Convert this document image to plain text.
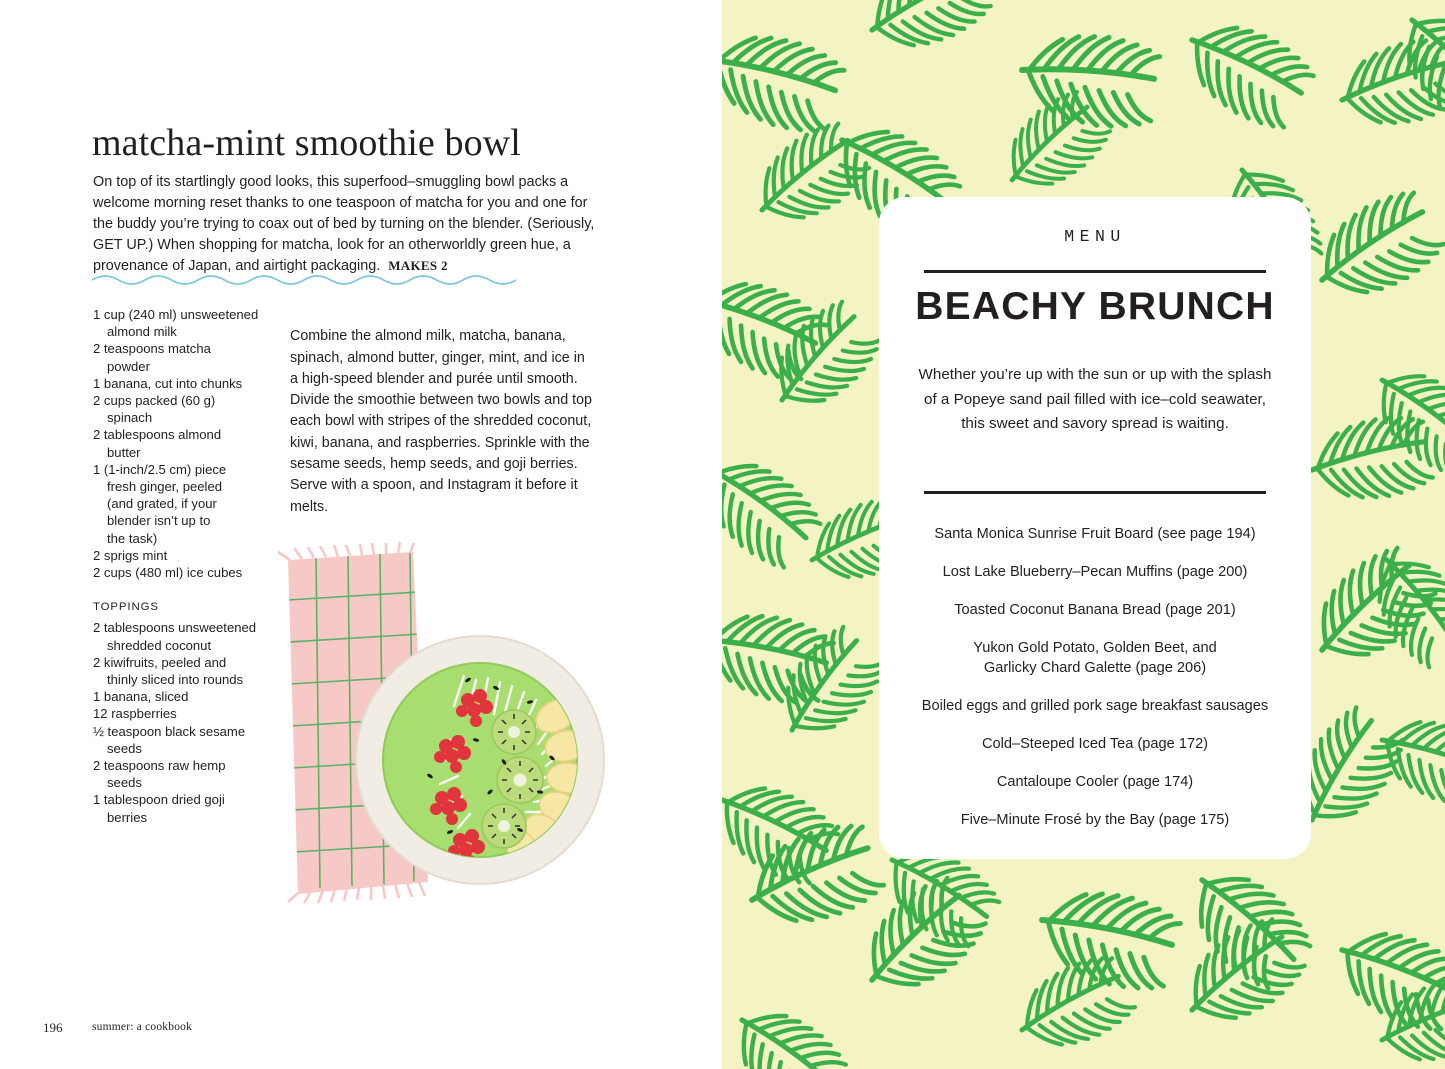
matcha-mint smoothie bowl

On top of its startlingly good looks, this superfood–smuggling bowl packs a welcome morning reset thanks to one teaspoon of matcha for you and one for the buddy you’re trying to coax out of bed by turning on the blender. (Seriously, GET UP.) When shopping for matcha, look for an otherworldly green hue, a provenance of Japan, and airtight packaging. MAKES 2

1 cup (240 ml) unsweetened
almond milk
2 teaspoons matcha
powder
1 banana, cut into chunks
2 cups packed (60 g)
spinach
2 tablespoons almond
butter
1 (1-inch/2.5 cm) piece
fresh ginger, peeled
(and grated, if your
blender isn’t up to
the task)
2 sprigs mint
2 cups (480 ml) ice cubes
TOPPINGS
2 tablespoons unsweetened
shredded coconut
2 kiwifruits, peeled and
thinly sliced into rounds
1 banana, sliced
12 raspberries
½ teaspoon black sesame
seeds
2 teaspoons raw hemp
seeds
1 tablespoon dried goji
berries

Combine the almond milk, matcha, banana, spinach, almond butter, ginger, mint, and ice in a high-speed blender and purée until smooth. Divide the smoothie between two bowls and top each bowl with stripes of the shredded coconut, kiwi, banana, and raspberries. Sprinkle with the sesame seeds, hemp seeds, and goji berries. Serve with a spoon, and Instagram it before it melts.

196	summer: a cookbook
MENU
BEACHY BRUNCH
Whether you’re up with the sun or up with the splash of a Popeye sand pail filled with ice–cold seawater, this sweet and savory spread is waiting.
Santa Monica Sunrise Fruit Board (see page 194)
Lost Lake Blueberry–Pecan Muffins (page 200)
Toasted Coconut Banana Bread (page 201)
Yukon Gold Potato, Golden Beet, and
Garlicky Chard Galette (page 206)
Boiled eggs and grilled pork sage breakfast sausages
Cold–Steeped Iced Tea (page 172)
Cantaloupe Cooler (page 174)
Five–Minute Frosé by the Bay (page 175)
